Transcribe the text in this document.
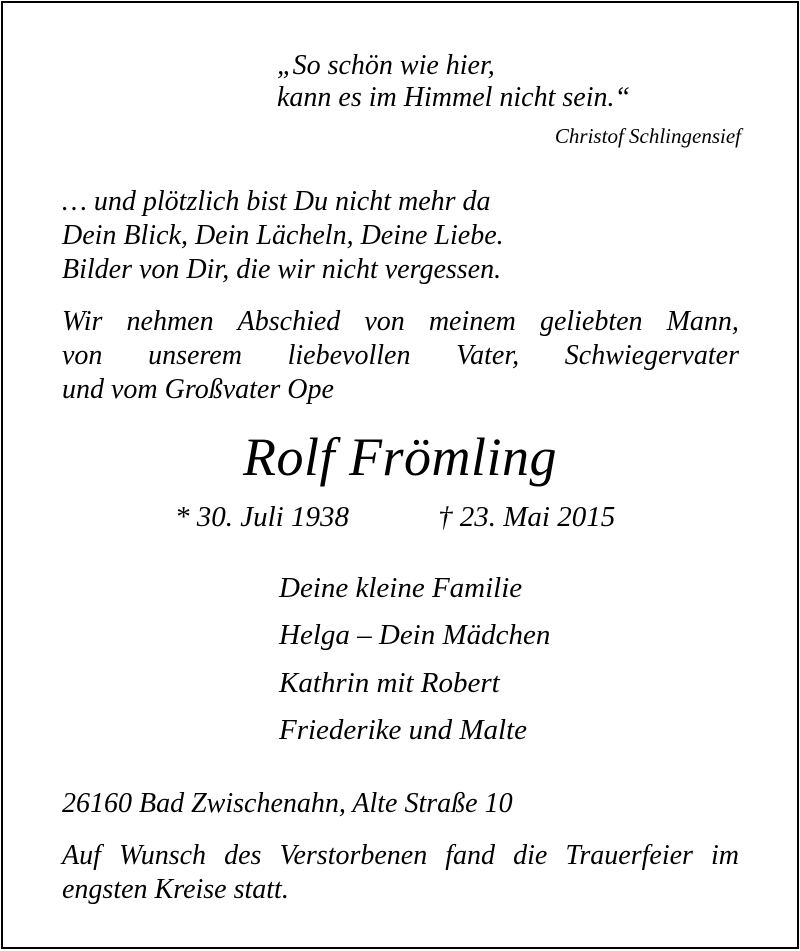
„So schön wie hier,
kann es im Himmel nicht sein.“
Christof Schlingensief
… und plötzlich bist Du nicht mehr da
Dein Blick, Dein Lächeln, Deine Liebe.
Bilder von Dir, die wir nicht vergessen.
Wir nehmen Abschied von meinem geliebten Mann,
von unserem liebevollen Vater, Schwiegervater
und vom Großvater Ope
Rolf Frömling
* 30. Juli 1938	† 23. Mai 2015
Deine kleine Familie
Helga – Dein Mädchen
Kathrin mit Robert
Friederike und Malte
26160 Bad Zwischenahn, Alte Straße 10
Auf Wunsch des Verstorbenen fand die Trauerfeier im
engsten Kreise statt.
